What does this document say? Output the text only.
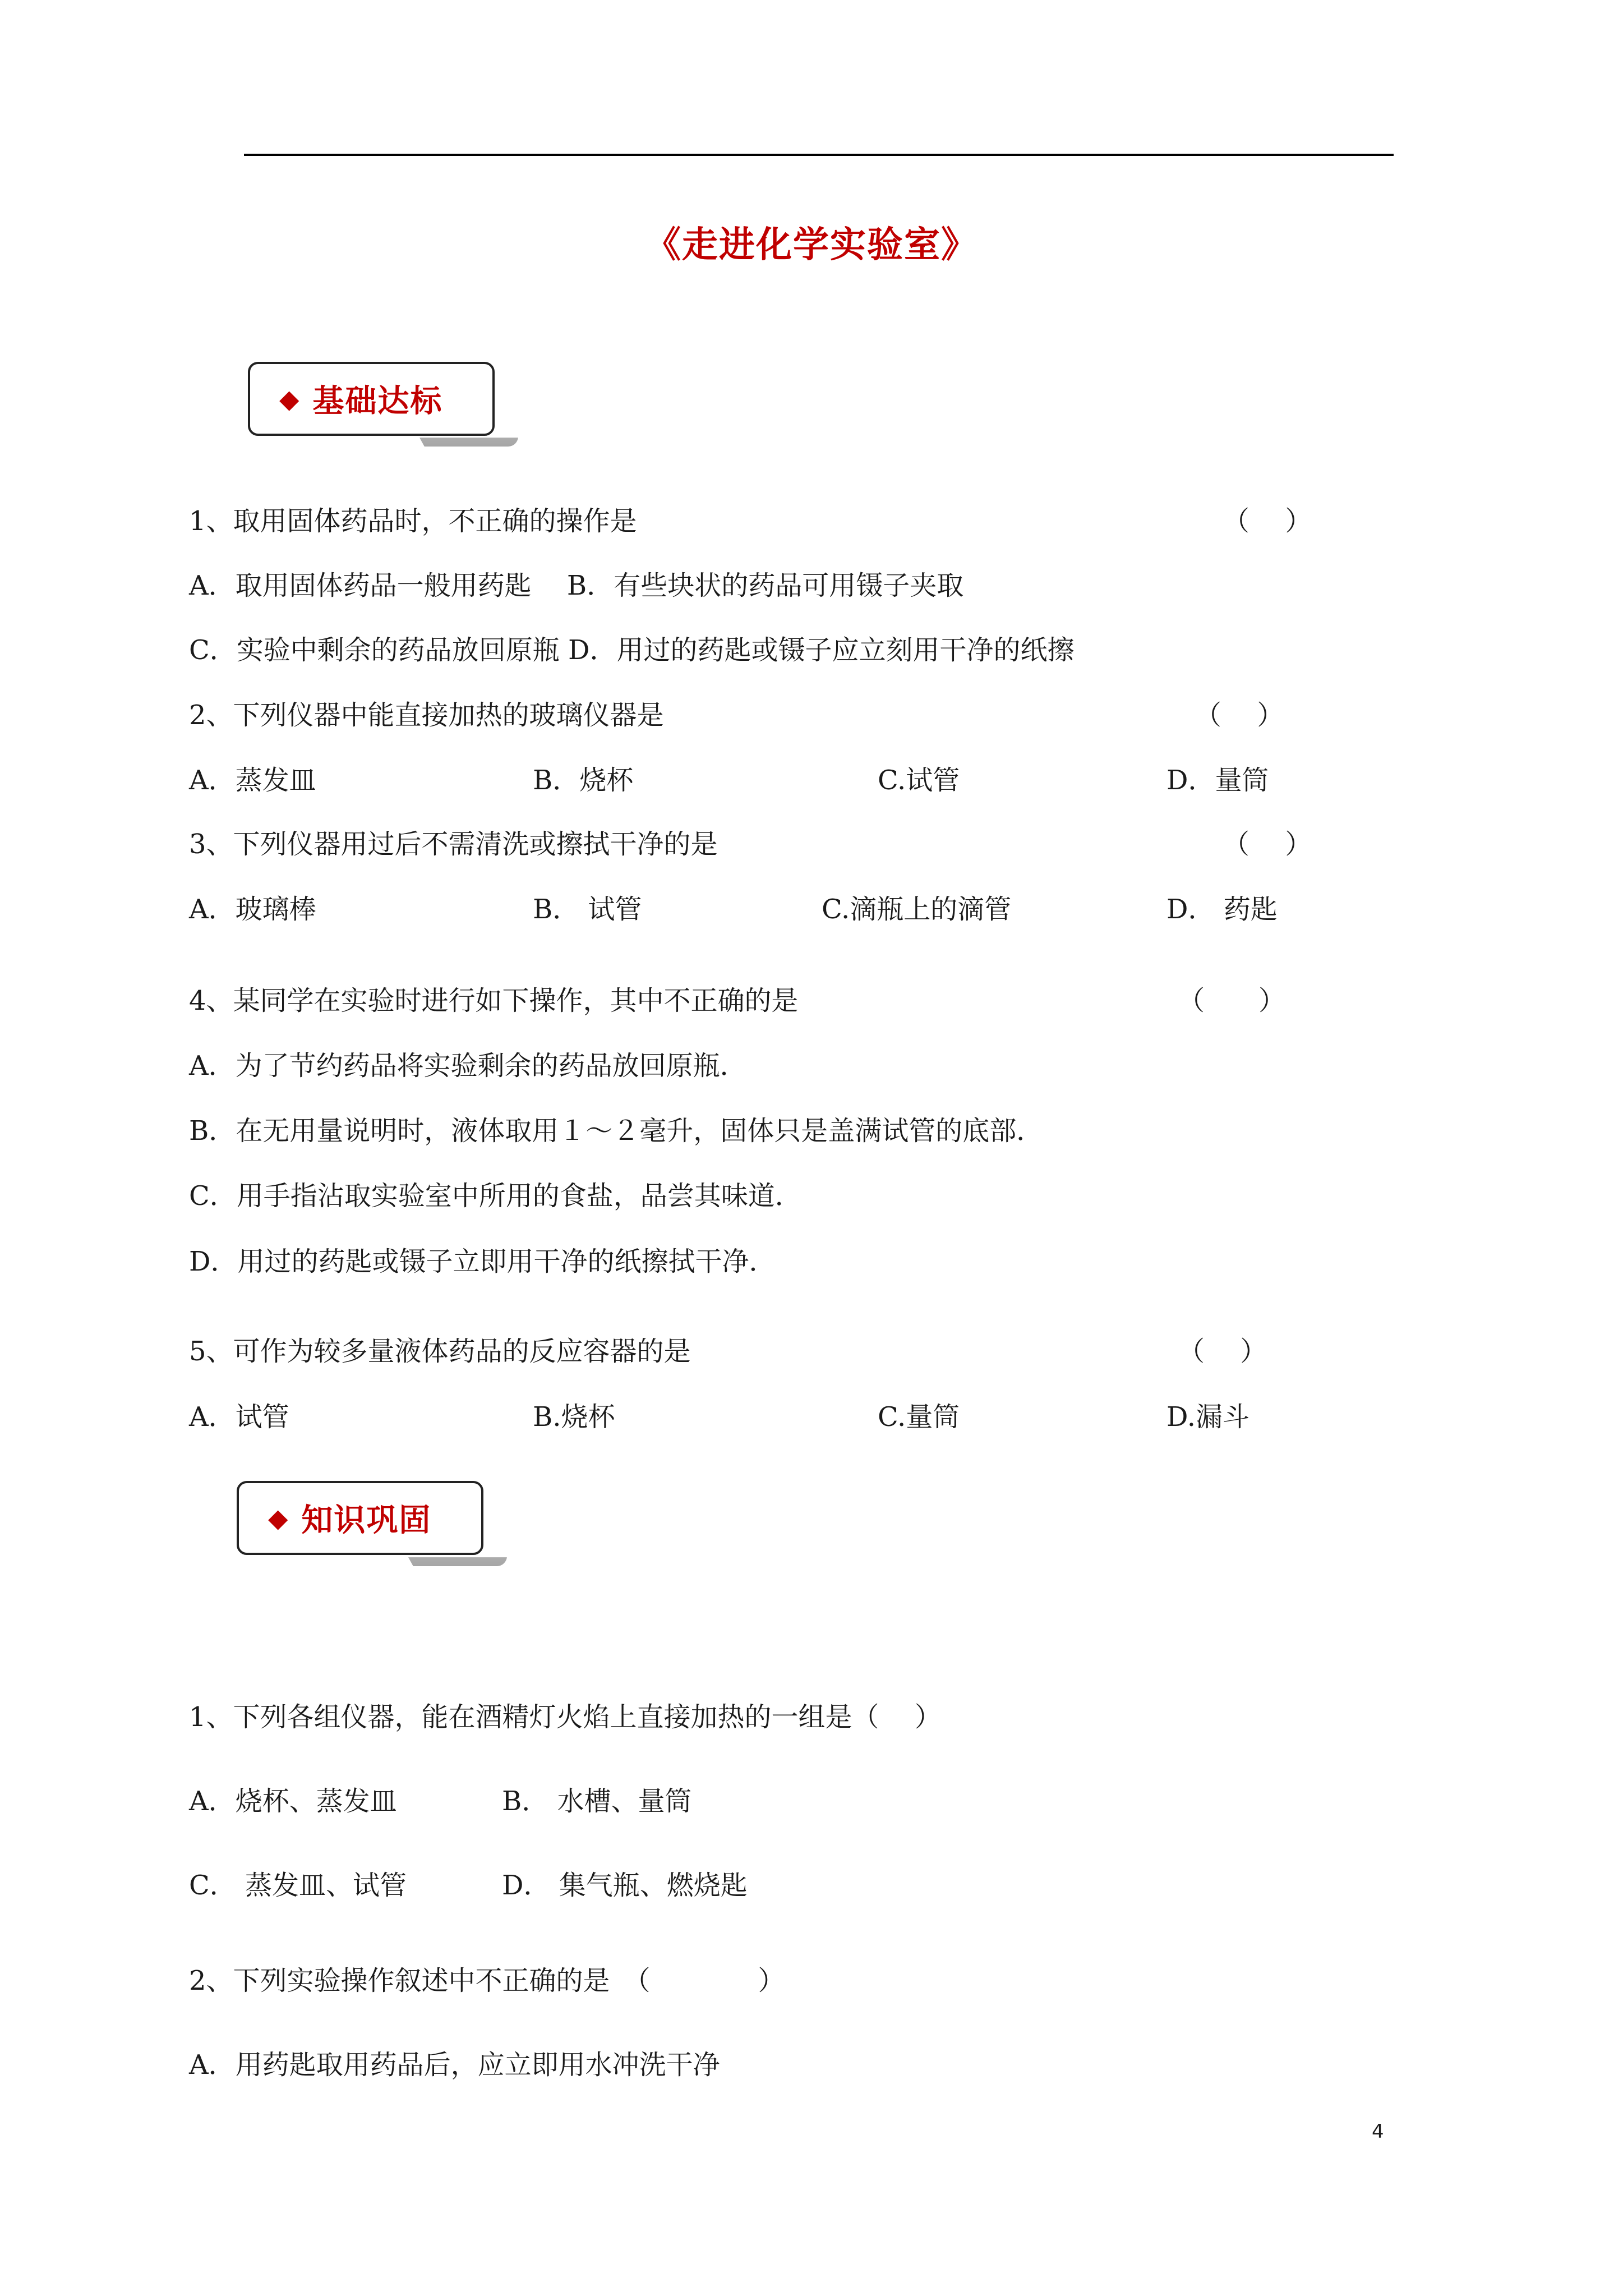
《走进化学实验室》
◆ 基础达标
1、取用固体药品时，不正确的操作是	（　 ）
A．取用固体药品一般用药匙　 B．有些块状的药品可用镊子夹取
C．实验中剩余的药品放回原瓶 D．用过的药匙或镊子应立刻用干净的纸擦
2、下列仪器中能直接加热的玻璃仪器是	（　 ）
A．蒸发皿	B．烧杯	C.试管	D．量筒
3、下列仪器用过后不需清洗或擦拭干净的是	（　 ）
A．玻璃棒	B． 试管	C.滴瓶上的滴管	D． 药匙
4、某同学在实验时进行如下操作，其中不正确的是	（　　）
A．为了节约药品将实验剩余的药品放回原瓶．
B．在无用量说明时，液体取用１～２毫升，固体只是盖满试管的底部．
C．用手指沾取实验室中所用的食盐，品尝其味道．
D．用过的药匙或镊子立即用干净的纸擦拭干净．
5、可作为较多量液体药品的反应容器的是	（　 ）
A．试管	B.烧杯	C.量筒	D.漏斗
◆ 知识巩固
1、下列各组仪器，能在酒精灯火焰上直接加热的一组是（　 ）
A．烧杯、蒸发皿	B． 水槽、量筒
C． 蒸发皿、试管	D． 集气瓶、燃烧匙
2、下列实验操作叙述中不正确的是　（　　　　）
A．用药匙取用药品后，应立即用水冲洗干净
4
